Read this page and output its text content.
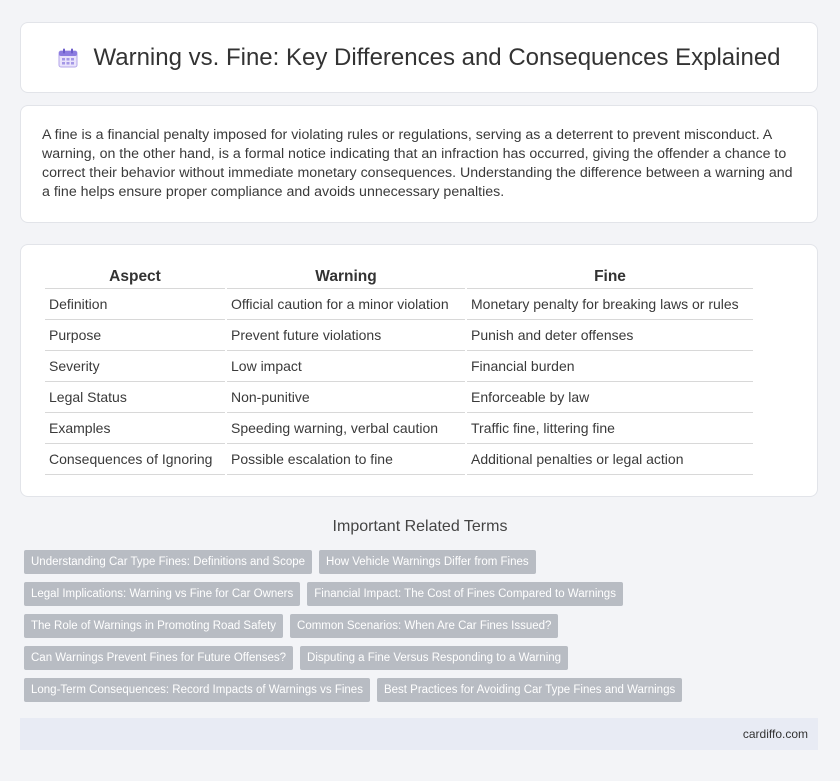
Warning vs. Fine: Key Differences and Consequences Explained
A fine is a financial penalty imposed for violating rules or regulations, serving as a deterrent to prevent misconduct. A warning, on the other hand, is a formal notice indicating that an infraction has occurred, giving the offender a chance to correct their behavior without immediate monetary consequences. Understanding the difference between a warning and a fine helps ensure proper compliance and avoids unnecessary penalties.
Aspect	Warning	Fine
Definition	Official caution for a minor violation	Monetary penalty for breaking laws or rules
Purpose	Prevent future violations	Punish and deter offenses
Severity	Low impact	Financial burden
Legal Status	Non-punitive	Enforceable by law
Examples	Speeding warning, verbal caution	Traffic fine, littering fine
Consequences of Ignoring	Possible escalation to fine	Additional penalties or legal action
Important Related Terms
Understanding Car Type Fines: Definitions and Scope	How Vehicle Warnings Differ from Fines
Legal Implications: Warning vs Fine for Car Owners	Financial Impact: The Cost of Fines Compared to Warnings
The Role of Warnings in Promoting Road Safety	Common Scenarios: When Are Car Fines Issued?
Can Warnings Prevent Fines for Future Offenses?	Disputing a Fine Versus Responding to a Warning
Long-Term Consequences: Record Impacts of Warnings vs Fines	Best Practices for Avoiding Car Type Fines and Warnings
cardiffo.com
